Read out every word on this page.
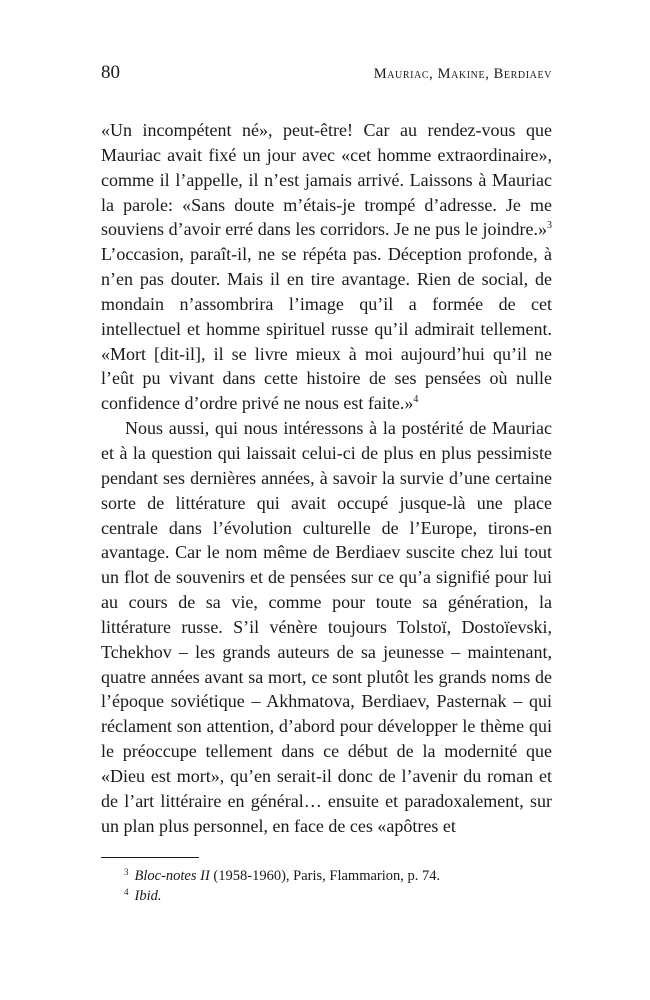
80	Mauriac, Makine, Berdiaev

«Un incompétent né», peut-être! Car au rendez-vous que Mauriac avait fixé un jour avec «cet homme extraordinaire», comme il l’appelle, il n’est jamais arrivé. Laissons à Mauriac la parole: «Sans doute m’étais-je trompé d’adresse. Je me souviens d’avoir erré dans les corridors. Je ne pus le joindre.»$^3$ L’occasion, paraît-il, ne se répéta pas. Déception profonde, à n’en pas douter. Mais il en tire avantage. Rien de social, de mondain n’assombrira l’image qu’il a formée de cet intellectuel et homme spirituel russe qu’il admirait tellement. «Mort [dit-il], il se livre mieux à moi aujourd’hui qu’il ne l’eût pu vivant dans cette histoire de ses pensées où nulle confidence d’ordre privé ne nous est faite.»$^4$

Nous aussi, qui nous intéressons à la postérité de Mauriac et à la question qui laissait celui-ci de plus en plus pessimiste pendant ses dernières années, à savoir la survie d’une certaine sorte de littérature qui avait occupé jusque-là une place centrale dans l’évolution culturelle de l’Europe, tirons-en avantage. Car le nom même de Berdiaev suscite chez lui tout un flot de souvenirs et de pensées sur ce qu’a signifié pour lui au cours de sa vie, comme pour toute sa génération, la littérature russe. S’il vénère toujours Tolstoï, Dostoïevski, Tchekhov – les grands auteurs de sa jeunesse – maintenant, quatre années avant sa mort, ce sont plutôt les grands noms de l’époque soviétique – Akhmatova, Berdiaev, Pasternak – qui réclament son attention, d’abord pour développer le thème qui le préoccupe tellement dans ce début de la modernité que «Dieu est mort», qu’en serait-il donc de l’avenir du roman et de l’art littéraire en général… ensuite et paradoxalement, sur un plan plus personnel, en face de ces «apôtres et

$^3$ Bloc-notes II (1958-1960), Paris, Flammarion, p. 74.

$^4$ Ibid.
